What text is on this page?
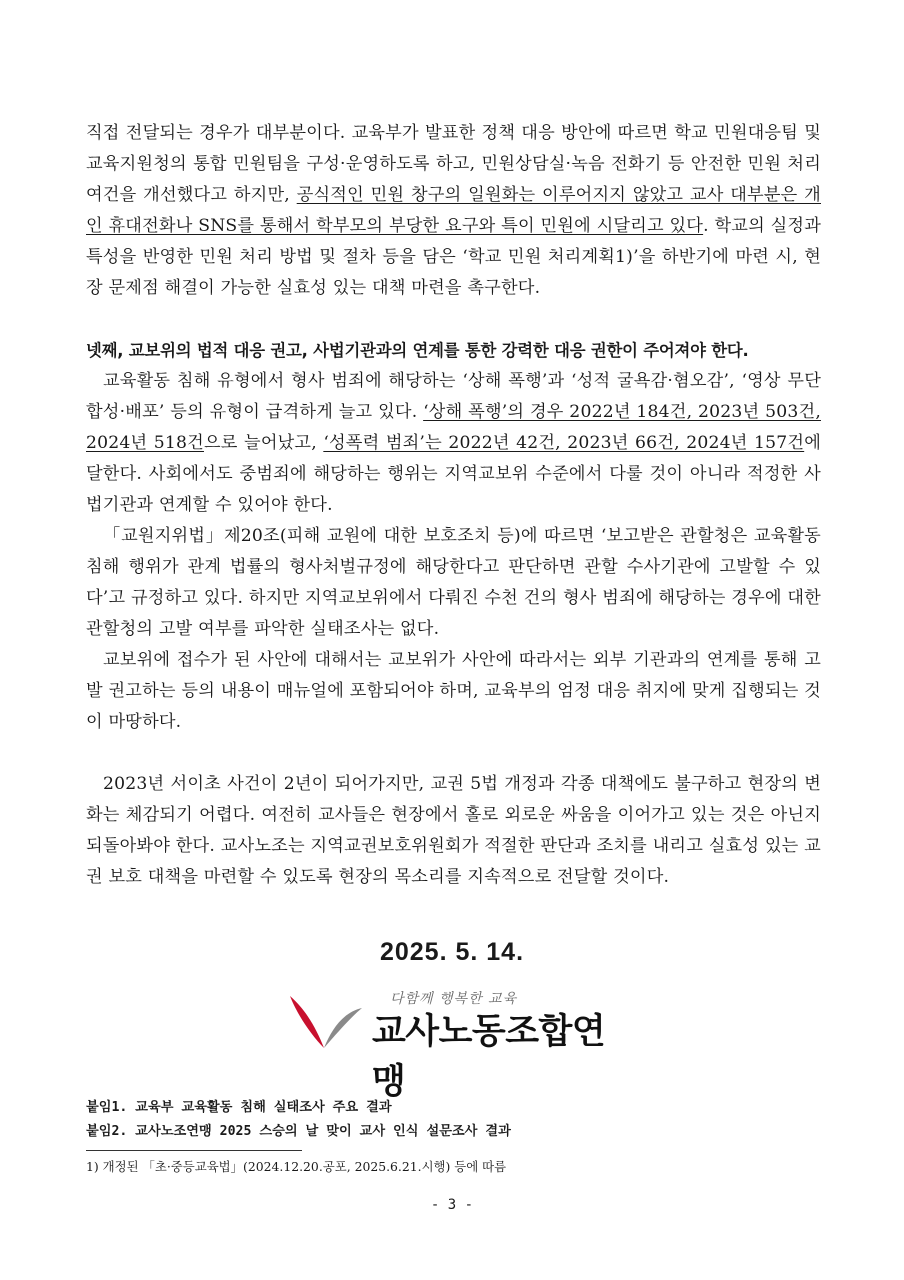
직접 전달되는 경우가 대부분이다. 교육부가 발표한 정책 대응 방안에 따르면 학교 민원대응팀 및 교육지원청의 통합 민원팀을 구성·운영하도록 하고, 민원상담실·녹음 전화기 등 안전한 민원 처리 여건을 개선했다고 하지만, 공식적인 민원 창구의 일원화는 이루어지지 않았고 교사 대부분은 개인 휴대전화나 SNS를 통해서 학부모의 부당한 요구와 특이 민원에 시달리고 있다. 학교의 실정과 특성을 반영한 민원 처리 방법 및 절차 등을 담은 ‘학교 민원 처리계획1)’을 하반기에 마련 시, 현장 문제점 해결이 가능한 실효성 있는 대책 마련을 촉구한다.

넷째, 교보위의 법적 대응 권고, 사법기관과의 연계를 통한 강력한 대응 권한이 주어져야 한다.

교육활동 침해 유형에서 형사 범죄에 해당하는 ‘상해 폭행’과 ‘성적 굴욕감·혐오감’, ‘영상 무단 합성·배포’ 등의 유형이 급격하게 늘고 있다. ‘상해 폭행’의 경우 2022년 184건, 2023년 503건, 2024년 518건으로 늘어났고, ‘성폭력 범죄’는 2022년 42건, 2023년 66건, 2024년 157건에 달한다. 사회에서도 중범죄에 해당하는 행위는 지역교보위 수준에서 다룰 것이 아니라 적정한 사법기관과 연계할 수 있어야 한다.

「교원지위법」제20조(피해 교원에 대한 보호조치 등)에 따르면 ‘보고받은 관할청은 교육활동 침해 행위가 관계 법률의 형사처벌규정에 해당한다고 판단하면 관할 수사기관에 고발할 수 있다’고 규정하고 있다. 하지만 지역교보위에서 다뤄진 수천 건의 형사 범죄에 해당하는 경우에 대한 관할청의 고발 여부를 파악한 실태조사는 없다.

교보위에 접수가 된 사안에 대해서는 교보위가 사안에 따라서는 외부 기관과의 연계를 통해 고발 권고하는 등의 내용이 매뉴얼에 포함되어야 하며, 교육부의 엄정 대응 취지에 맞게 집행되는 것이 마땅하다.

2023년 서이초 사건이 2년이 되어가지만, 교권 5법 개정과 각종 대책에도 불구하고 현장의 변화는 체감되기 어렵다. 여전히 교사들은 현장에서 홀로 외로운 싸움을 이어가고 있는 것은 아닌지 되돌아봐야 한다. 교사노조는 지역교권보호위원회가 적절한 판단과 조치를 내리고 실효성 있는 교권 보호 대책을 마련할 수 있도록 현장의 목소리를 지속적으로 전달할 것이다.

2025. 5. 14.
다함께 행복한 교육
교사노동조합연맹
붙임1. 교육부 교육활동 침해 실태조사 주요 결과
붙임2. 교사노조연맹 2025 스승의 날 맞이 교사 인식 설문조사 결과
1) 개정된 「초·중등교육법」(2024.12.20.공포, 2025.6.21.시행) 등에 따름
- 3 -
